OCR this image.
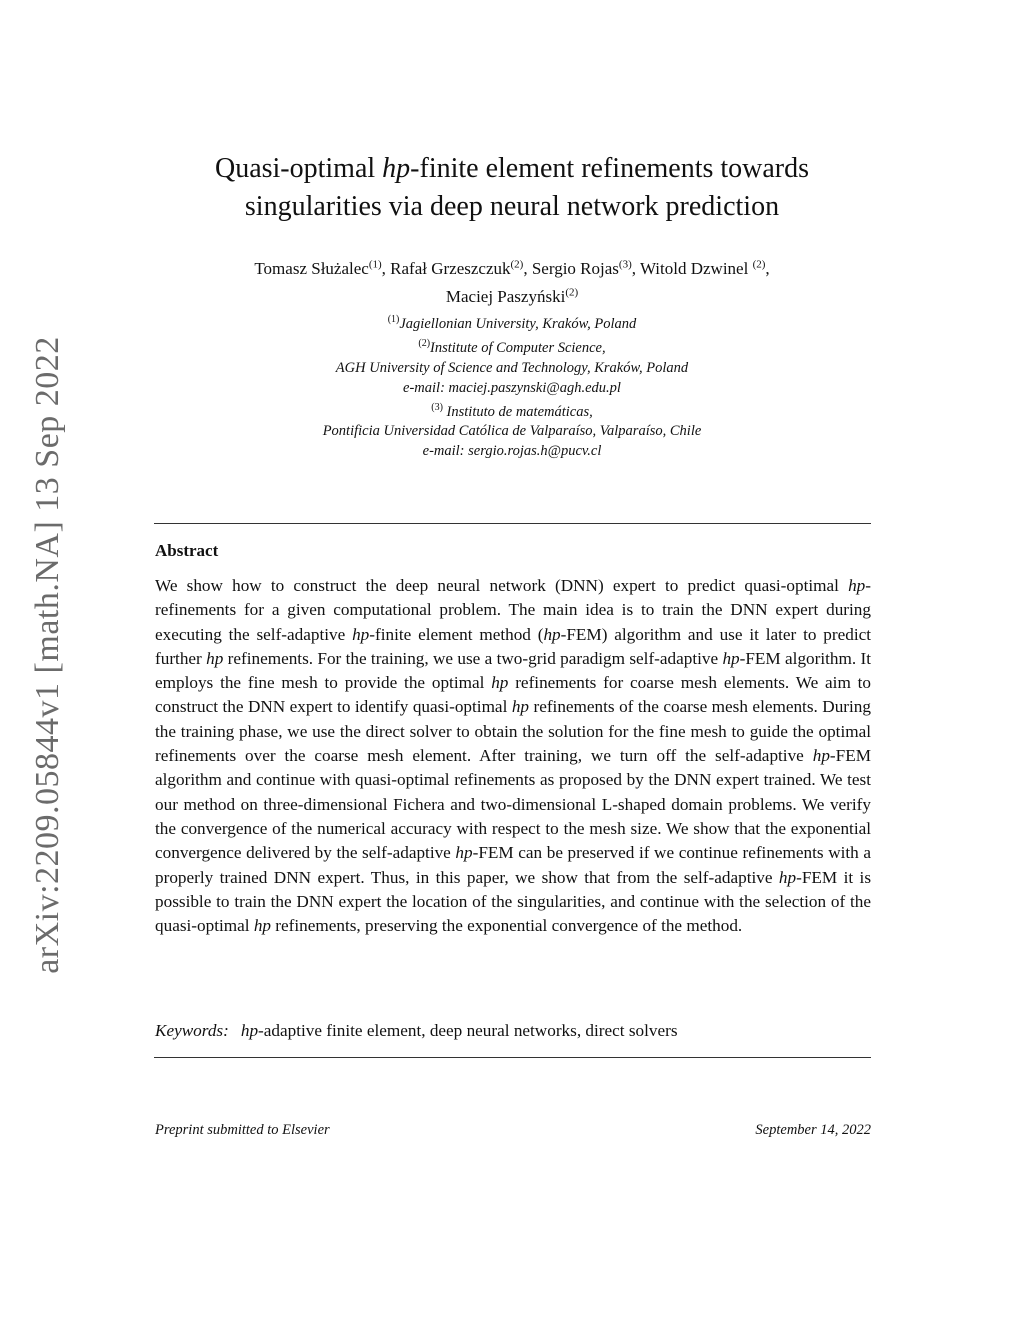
arXiv:2209.05844v1 [math.NA] 13 Sep 2022
Quasi-optimal hp-finite element refinements towards
singularities via deep neural network prediction
Tomasz Służalec$^{(1)}$, Rafał Grzeszczuk$^{(2)}$, Sergio Rojas$^{(3)}$, Witold Dzwinel $^{(2)}$,
Maciej Paszyński$^{(2)}$
$^{(1)}$Jagiellonian University, Kraków, Poland
$^{(2)}$Institute of Computer Science,
AGH University of Science and Technology, Kraków, Poland
e-mail: maciej.paszynski@agh.edu.pl
$^{(3)}$ Instituto de matemáticas,
Pontificia Universidad Católica de Valparaíso, Valparaíso, Chile
e-mail: sergio.rojas.h@pucv.cl
Abstract
We show how to construct the deep neural network (DNN) expert to predict quasi-optimal hp-refinements for a given computational problem. The main idea is to train the DNN expert during executing the self-adaptive hp-finite element method (hp-FEM) algorithm and use it later to predict further hp refinements. For the training, we use a two-grid paradigm self-adaptive hp-FEM algorithm. It employs the fine mesh to provide the optimal hp refinements for coarse mesh elements. We aim to construct the DNN expert to identify quasi-optimal hp refinements of the coarse mesh elements. During the training phase, we use the direct solver to obtain the solution for the fine mesh to guide the optimal refinements over the coarse mesh element. After training, we turn off the self-adaptive hp-FEM algorithm and continue with quasi-optimal refinements as proposed by the DNN expert trained. We test our method on three-dimensional Fichera and two-dimensional L-shaped domain problems. We verify the convergence of the numerical accuracy with respect to the mesh size. We show that the exponential convergence delivered by the self-adaptive hp-FEM can be preserved if we continue refinements with a properly trained DNN expert. Thus, in this paper, we show that from the self-adaptive hp-FEM it is possible to train the DNN expert the location of the singularities, and continue with the selection of the quasi-optimal hp refinements, preserving the exponential convergence of the method.
Keywords: hp-adaptive finite element, deep neural networks, direct solvers
Preprint submitted to Elsevier	September 14, 2022
